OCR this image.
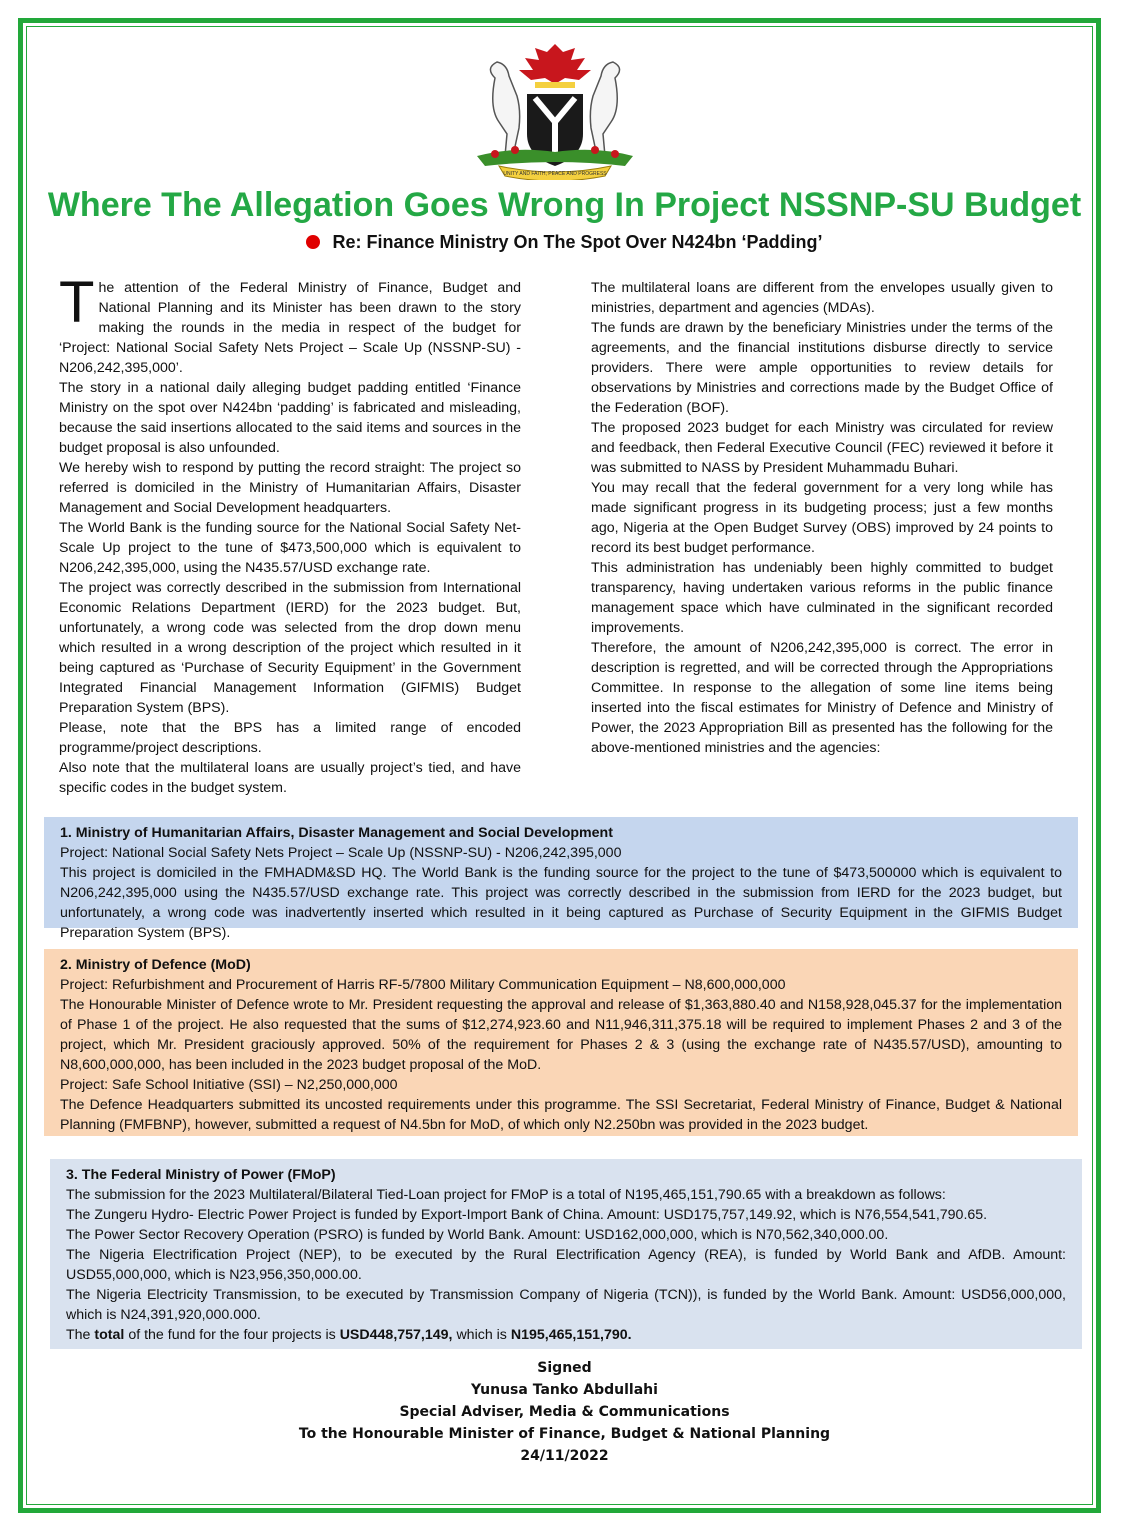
UNITY AND FAITH, PEACE AND PROGRESS
Where The Allegation Goes Wrong In Project NSSNP-SU Budget
Re: Finance Ministry On The Spot Over N424bn ‘Padding’

The attention of the Federal Ministry of Finance, Budget and National Planning and its Minister has been drawn to the story making the rounds in the media in respect of the budget for ‘Project: National Social Safety Nets Project – Scale Up (NSSNP-SU) - N206,242,395,000’.

The story in a national daily alleging budget padding entitled ‘Finance Ministry on the spot over N424bn ‘padding’ is fabricated and misleading, because the said insertions allocated to the said items and sources in the budget proposal is also unfounded.

We hereby wish to respond by putting the record straight: The project so referred is domiciled in the Ministry of Humanitarian Affairs, Disaster Management and Social Development headquarters.

The World Bank is the funding source for the National Social Safety Net-Scale Up project to the tune of $473,500,000 which is equivalent to N206,242,395,000, using the N435.57/USD exchange rate.

The project was correctly described in the submission from International Economic Relations Department (IERD) for the 2023 budget. But, unfortunately, a wrong code was selected from the drop down menu which resulted in a wrong description of the project which resulted in it being captured as ‘Purchase of Security Equipment’ in the Government Integrated Financial Management Information (GIFMIS) Budget Preparation System (BPS).

Please, note that the BPS has a limited range of encoded programme/project descriptions.

Also note that the multilateral loans are usually project’s tied, and have specific codes in the budget system.

The multilateral loans are different from the envelopes usually given to ministries, department and agencies (MDAs).

The funds are drawn by the beneficiary Ministries under the terms of the agreements, and the financial institutions disburse directly to service providers. There were ample opportunities to review details for observations by Ministries and corrections made by the Budget Office of the Federation (BOF).

The proposed 2023 budget for each Ministry was circulated for review and feedback, then Federal Executive Council (FEC) reviewed it before it was submitted to NASS by President Muhammadu Buhari.

You may recall that the federal government for a very long while has made significant progress in its budgeting process; just a few months ago, Nigeria at the Open Budget Survey (OBS) improved by 24 points to record its best budget performance.

This administration has undeniably been highly committed to budget transparency, having undertaken various reforms in the public finance management space which have culminated in the significant recorded improvements.

Therefore, the amount of N206,242,395,000 is correct. The error in description is regretted, and will be corrected through the Appropriations Committee. In response to the allegation of some line items being inserted into the fiscal estimates for Ministry of Defence and Ministry of Power, the 2023 Appropriation Bill as presented has the following for the above-mentioned ministries and the agencies:

1. Ministry of Humanitarian Affairs, Disaster Management and Social Development

Project: National Social Safety Nets Project – Scale Up (NSSNP-SU) - N206,242,395,000

This project is domiciled in the FMHADM&SD HQ. The World Bank is the funding source for the project to the tune of $473,500000 which is equivalent to N206,242,395,000 using the N435.57/USD exchange rate. This project was correctly described in the submission from IERD for the 2023 budget, but unfortunately, a wrong code was inadvertently inserted which resulted in it being captured as Purchase of Security Equipment in the GIFMIS Budget Preparation System (BPS).

2. Ministry of Defence (MoD)

Project: Refurbishment and Procurement of Harris RF-5/7800 Military Communication Equipment – N8,600,000,000

The Honourable Minister of Defence wrote to Mr. President requesting the approval and release of $1,363,880.40 and N158,928,045.37 for the implementation of Phase 1 of the project. He also requested that the sums of $12,274,923.60 and N11,946,311,375.18 will be required to implement Phases 2 and 3 of the project, which Mr. President graciously approved. 50% of the requirement for Phases 2 & 3 (using the exchange rate of N435.57/USD), amounting to N8,600,000,000, has been included in the 2023 budget proposal of the MoD.

Project: Safe School Initiative (SSI) – N2,250,000,000

The Defence Headquarters submitted its uncosted requirements under this programme. The SSI Secretariat, Federal Ministry of Finance, Budget & National Planning (FMFBNP), however, submitted a request of N4.5bn for MoD, of which only N2.250bn was provided in the 2023 budget.

3. The Federal Ministry of Power (FMoP)

The submission for the 2023 Multilateral/Bilateral Tied-Loan project for FMoP is a total of N195,465,151,790.65 with a breakdown as follows:

The Zungeru Hydro- Electric Power Project is funded by Export-Import Bank of China. Amount: USD175,757,149.92, which is N76,554,541,790.65.

The Power Sector Recovery Operation (PSRO) is funded by World Bank. Amount: USD162,000,000, which is N70,562,340,000.00.

The Nigeria Electrification Project (NEP), to be executed by the Rural Electrification Agency (REA), is funded by World Bank and AfDB. Amount: USD55,000,000, which is N23,956,350,000.00.

The Nigeria Electricity Transmission, to be executed by Transmission Company of Nigeria (TCN)), is funded by the World Bank. Amount: USD56,000,000, which is N24,391,920,000.000.

The total of the fund for the four projects is USD448,757,149, which is N195,465,151,790.

Signed

Yunusa Tanko Abdullahi

Special Adviser, Media & Communications

To the Honourable Minister of Finance, Budget & National Planning

24/11/2022
